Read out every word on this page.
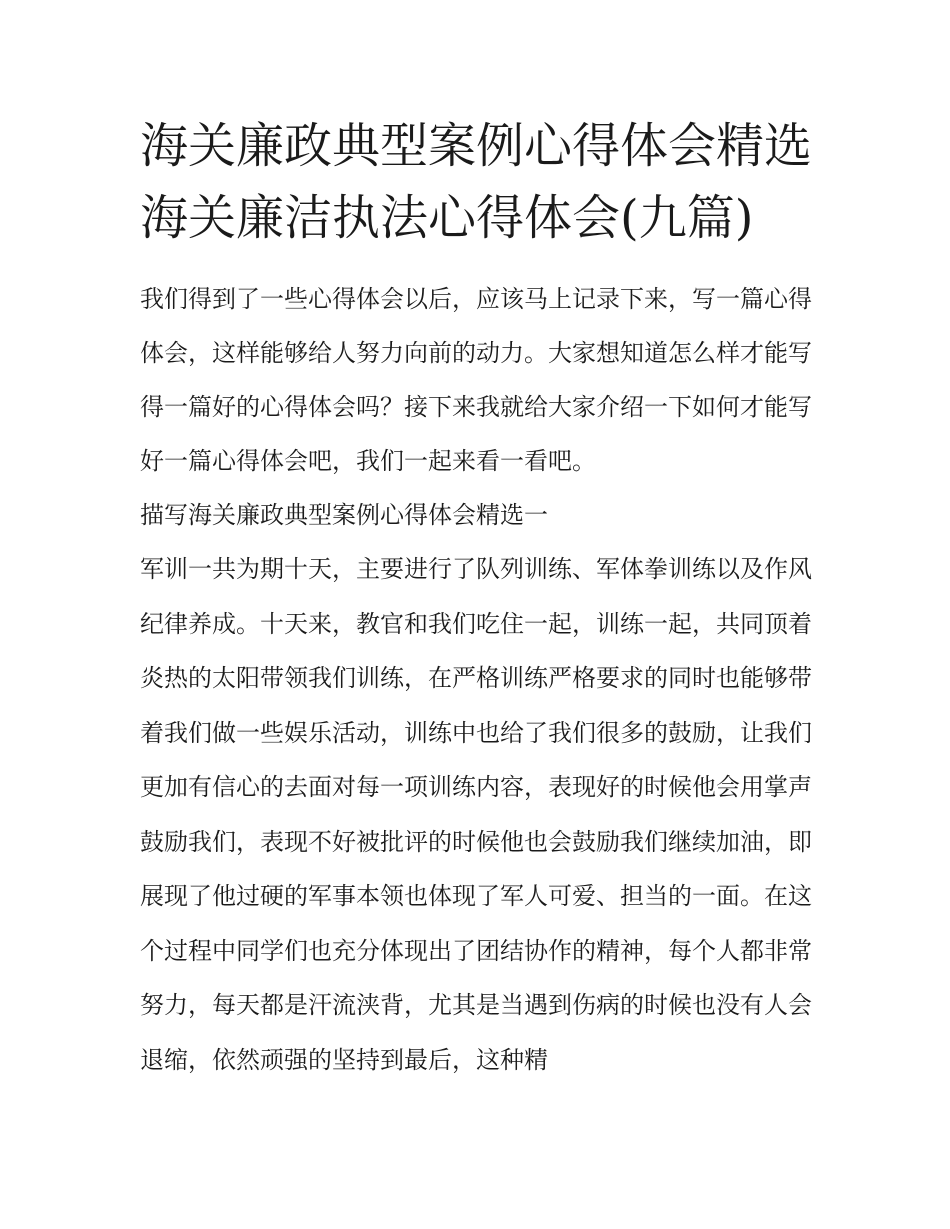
海关廉政典型案例心得体会精选 海关廉洁执法心得体会(九篇)

我们得到了一些心得体会以后，应该马上记录下来，写一篇心得体会，这样能够给人努力向前的动力。大家想知道怎么样才能写得一篇好的心得体会吗？接下来我就给大家介绍一下如何才能写好一篇心得体会吧，我们一起来看一看吧。

描写海关廉政典型案例心得体会精选一

军训一共为期十天，主要进行了队列训练、军体拳训练以及作风纪律养成。十天来，教官和我们吃住一起，训练一起，共同顶着炎热的太阳带领我们训练，在严格训练严格要求的同时也能够带着我们做一些娱乐活动，训练中也给了我们很多的鼓励，让我们更加有信心的去面对每一项训练内容，表现好的时候他会用掌声鼓励我们，表现不好被批评的时候他也会鼓励我们继续加油，即展现了他过硬的军事本领也体现了军人可爱、担当的一面。在这个过程中同学们也充分体现出了团结协作的精神，每个人都非常努力，每天都是汗流浃背，尤其是当遇到伤病的时候也没有人会退缩，依然顽强的坚持到最后，这种精
